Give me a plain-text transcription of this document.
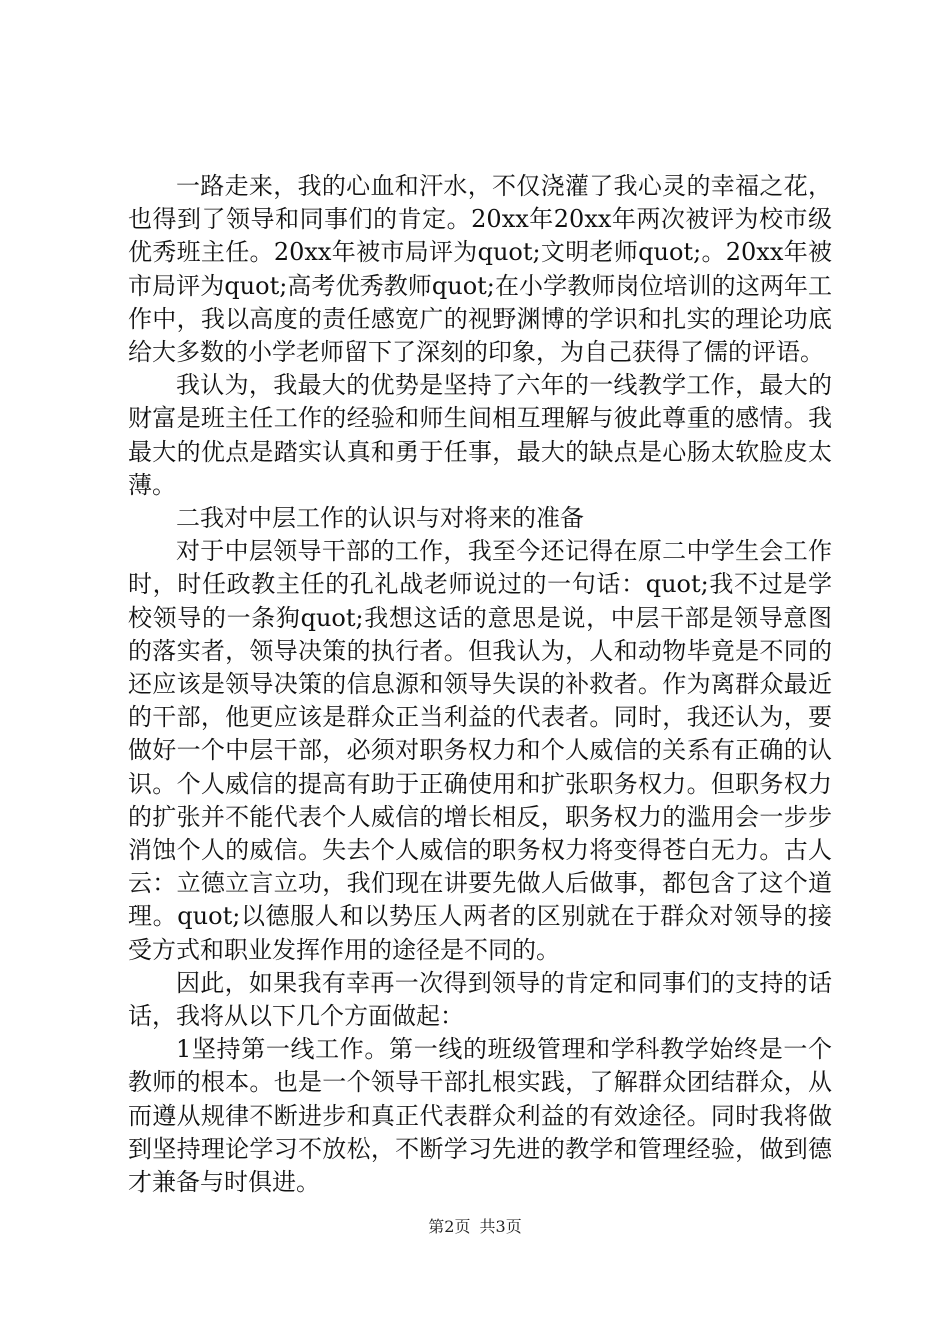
一路走来，我的心血和汗水，不仅浇灌了我心灵的幸福之花，也得到了领导和同事们的肯定。20xx年20xx年两次被评为校市级优秀班主任。20xx年被市局评为quot;文明老师quot;。20xx年被市局评为quot;高考优秀教师quot;在小学教师岗位培训的这两年工作中，我以高度的责任感宽广的视野渊博的学识和扎实的理论功底给大多数的小学老师留下了深刻的印象，为自己获得了儒的评语。

我认为，我最大的优势是坚持了六年的一线教学工作，最大的财富是班主任工作的经验和师生间相互理解与彼此尊重的感情。我最大的优点是踏实认真和勇于任事，最大的缺点是心肠太软脸皮太薄。

二我对中层工作的认识与对将来的准备

对于中层领导干部的工作，我至今还记得在原二中学生会工作时，时任政教主任的孔礼战老师说过的一句话：quot;我不过是学校领导的一条狗quot;我想这话的意思是说，中层干部是领导意图的落实者，领导决策的执行者。但我认为，人和动物毕竟是不同的还应该是领导决策的信息源和领导失误的补救者。作为离群众最近的干部，他更应该是群众正当利益的代表者。同时，我还认为，要做好一个中层干部，必须对职务权力和个人威信的关系有正确的认识。个人威信的提高有助于正确使用和扩张职务权力。但职务权力的扩张并不能代表个人威信的增长相反，职务权力的滥用会一步步消蚀个人的威信。失去个人威信的职务权力将变得苍白无力。古人云：立德立言立功，我们现在讲要先做人后做事，都包含了这个道理。quot;以德服人和以势压人两者的区别就在于群众对领导的接受方式和职业发挥作用的途径是不同的。

因此，如果我有幸再一次得到领导的肯定和同事们的支持的话话，我将从以下几个方面做起：

1坚持第一线工作。第一线的班级管理和学科教学始终是一个教师的根本。也是一个领导干部扎根实践，了解群众团结群众，从而遵从规律不断进步和真正代表群众利益的有效途径。同时我将做到坚持理论学习不放松，不断学习先进的教学和管理经验，做到德才兼备与时俱进。

第2页 共3页
